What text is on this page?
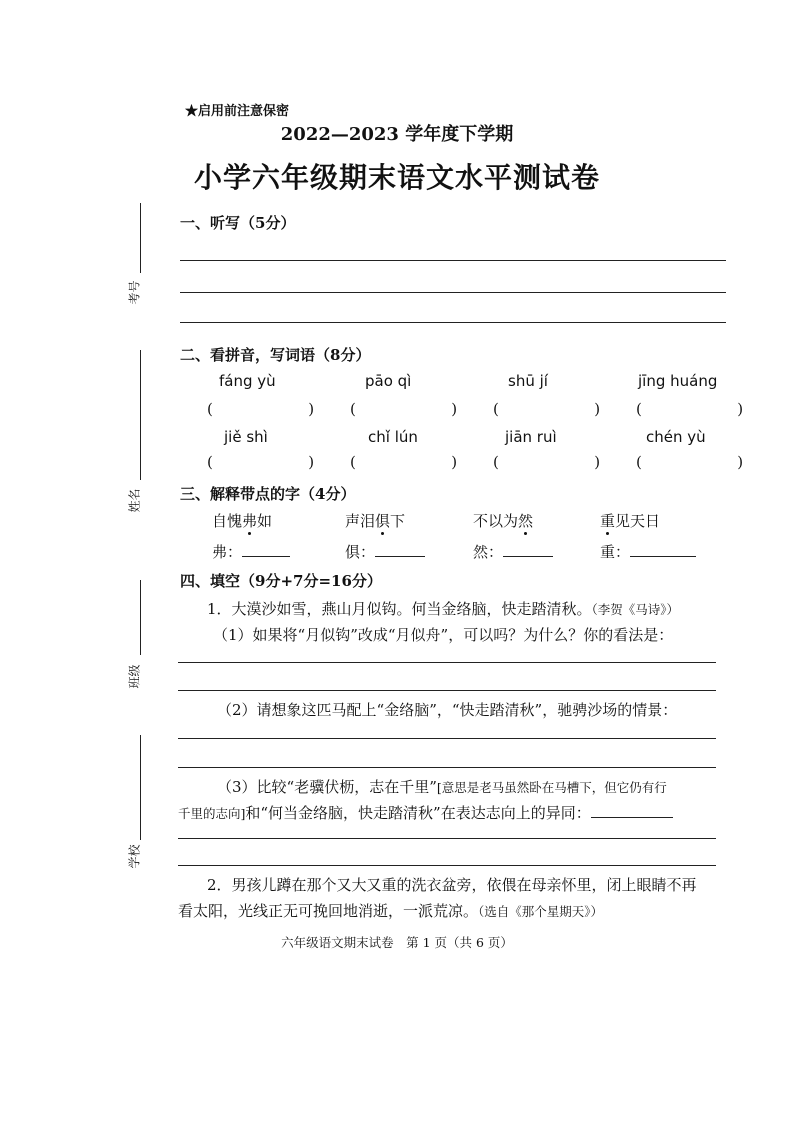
★启用前注意保密
2022—2023 学年度下学期
小学六年级期末语文水平测试卷
考号
姓名
班级
学校
一、听写（5分）
二、看拼音，写词语（8分）
fáng yù	pāo qì	shū jí	jīng huáng
(                    ) (                    ) (                    ) (                    )
jiě shì	chǐ lún	jiān ruì	chén yù
(                    ) (                    ) (                    ) (                    )
三、解释带点的字（4分）
自愧弗如	声泪俱下	不以为然	重见天日
弗：	俱：	然：	重：
四、填空（9分+7分=16分）
1．大漠沙如雪，燕山月似钩。何当金络脑，快走踏清秋。（李贺《马诗》）
（1）如果将“月似钩”改成“月似舟”，可以吗？为什么？你的看法是：
（2）请想象这匹马配上“金络脑”，“快走踏清秋”，驰骋沙场的情景：
（3）比较“老骥伏枥，志在千里”[意思是老马虽然卧在马槽下，但它仍有行
千里的志向]和“何当金络脑，快走踏清秋”在表达志向上的异同：
2．男孩儿蹲在那个又大又重的洗衣盆旁，依偎在母亲怀里，闭上眼睛不再
看太阳，光线正无可挽回地消逝，一派荒凉。（选自《那个星期天》）
六年级语文期末试卷　第 1 页（共 6 页）
